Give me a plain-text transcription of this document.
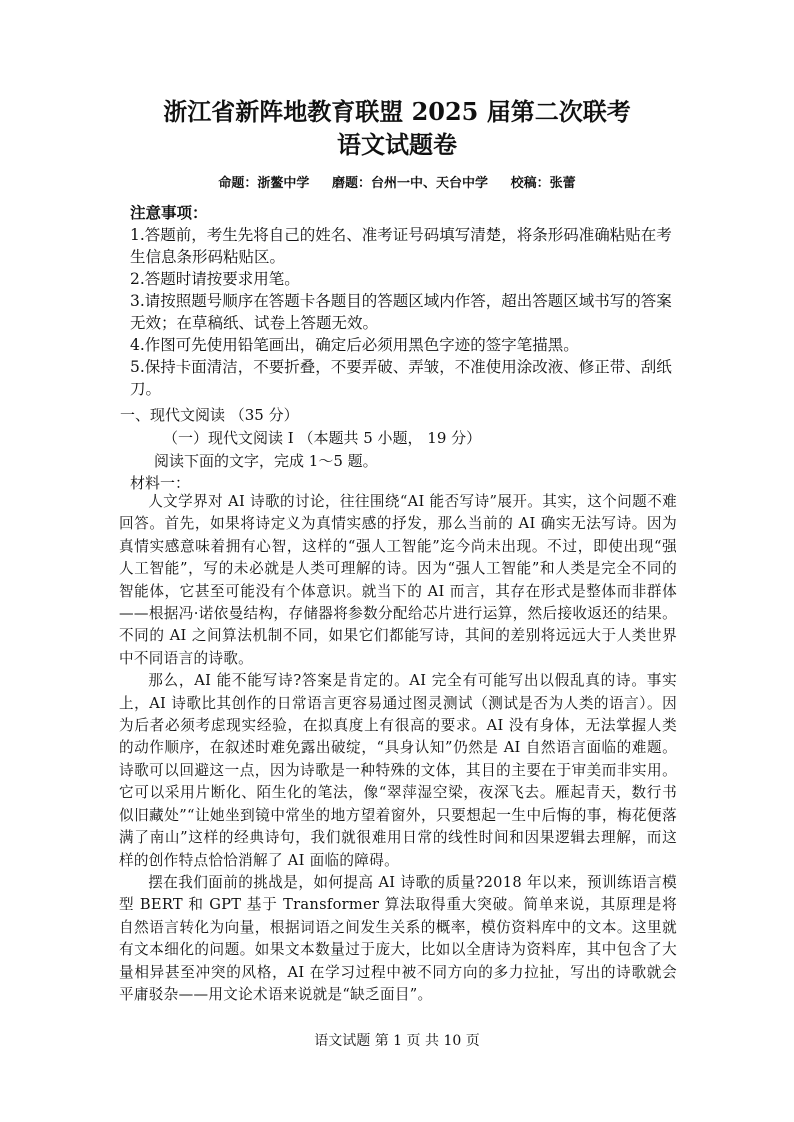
浙江省新阵地教育联盟 2025 届第二次联考
语文试题卷
命题：浙鳌中学     磨题：台州一中、天台中学     校稿：张蕾
注意事项：
1.答题前，考生先将自己的姓名、准考证号码填写清楚，将条形码准确粘贴在考生信息条形码粘贴区。
2.答题时请按要求用笔。
3.请按照题号顺序在答题卡各题目的答题区域内作答，超出答题区域书写的答案无效；在草稿纸、试卷上答题无效。
4.作图可先使用铅笔画出，确定后必须用黑色字迹的签字笔描黑。
5.保持卡面清洁，不要折叠，不要弄破、弄皱，不准使用涂改液、修正带、刮纸刀。
一、现代文阅读 （35 分）
（一）现代文阅读 I （本题共 5 小题， 19 分）
阅读下面的文字，完成 1～5 题。
材料一：

人文学界对 AI 诗歌的讨论，往往围绕“AI 能否写诗”展开。其实，这个问题不难回答。首先，如果将诗定义为真情实感的抒发，那么当前的 AI 确实无法写诗。因为真情实感意味着拥有心智，这样的“强人工智能”迄今尚未出现。不过，即使出现“强人工智能”，写的未必就是人类可理解的诗。因为“强人工智能”和人类是完全不同的智能体，它甚至可能没有个体意识。就当下的 AI 而言，其存在形式是整体而非群体——根据冯·诺依曼结构，存储器将参数分配给芯片进行运算，然后接收返还的结果。不同的 AI 之间算法机制不同，如果它们都能写诗，其间的差别将远远大于人类世界中不同语言的诗歌。

那么，AI 能不能写诗?答案是肯定的。AI 完全有可能写出以假乱真的诗。事实上，AI 诗歌比其创作的日常语言更容易通过图灵测试（测试是否为人类的语言）。因为后者必须考虑现实经验，在拟真度上有很高的要求。AI 没有身体，无法掌握人类的动作顺序，在叙述时难免露出破绽，“具身认知”仍然是 AI 自然语言面临的难题。诗歌可以回避这一点，因为诗歌是一种特殊的文体，其目的主要在于审美而非实用。它可以采用片断化、陌生化的笔法，像“翠萍湿空梁，夜深飞去。雁起青天，数行书似旧藏处”“让她坐到镜中常坐的地方望着窗外，只要想起一生中后悔的事，梅花便落满了南山”这样的经典诗句，我们就很难用日常的线性时间和因果逻辑去理解，而这样的创作特点恰恰消解了 AI 面临的障碍。

摆在我们面前的挑战是，如何提高 AI 诗歌的质量?2018 年以来，预训练语言模型 BERT 和 GPT 基于 Transformer 算法取得重大突破。简单来说，其原理是将自然语言转化为向量，根据词语之间发生关系的概率，模仿资料库中的文本。这里就有文本细化的问题。如果文本数量过于庞大，比如以全唐诗为资料库，其中包含了大量相异甚至冲突的风格，AI 在学习过程中被不同方向的多力拉扯，写出的诗歌就会平庸驳杂——用文论术语来说就是“缺乏面目”。

语文试题 第 1 页 共 10 页
